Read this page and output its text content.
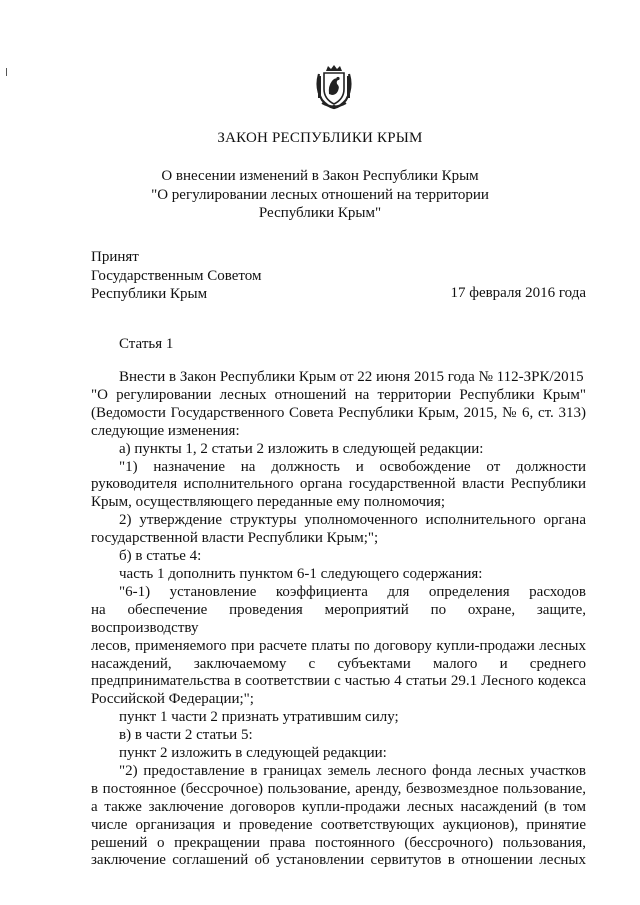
ЗАКОН РЕСПУБЛИКИ КРЫМ
О внесении изменений в Закон Республики Крым
"О регулировании лесных отношений на территории
Республики Крым"
Принят
Государственным Советом
Республики Крым	17 февраля 2016 года
Статья 1
Внести в Закон Республики Крым от 22 июня 2015 года № 112-ЗРК/2015
"О регулировании лесных отношений на территории Республики Крым"
(Ведомости Государственного Совета Республики Крым, 2015, № 6, ст. 313)
следующие изменения:
а) пункты 1, 2 статьи 2 изложить в следующей редакции:
"1) назначение на должность и освобождение от должности
руководителя исполнительного органа государственной власти Республики
Крым, осуществляющего переданные ему полномочия;
2) утверждение структуры уполномоченного исполнительного органа
государственной власти Республики Крым;";
б) в статье 4:
часть 1 дополнить пунктом 6-1 следующего содержания:
"6-1) установление коэффициента для определения расходов
на обеспечение проведения мероприятий по охране, защите, воспроизводству
лесов, применяемого при расчете платы по договору купли-продажи лесных
насаждений, заключаемому с субъектами малого и среднего
предпринимательства в соответствии с частью 4 статьи 29.1 Лесного кодекса
Российской Федерации;";
пункт 1 части 2 признать утратившим силу;
в) в части 2 статьи 5:
пункт 2 изложить в следующей редакции:
"2) предоставление в границах земель лесного фонда лесных участков
в постоянное (бессрочное) пользование, аренду, безвозмездное пользование,
а также заключение договоров купли-продажи лесных насаждений (в том
числе организация и проведение соответствующих аукционов), принятие
решений о прекращении права постоянного (бессрочного) пользования,
заключение соглашений об установлении сервитутов в отношении лесных
